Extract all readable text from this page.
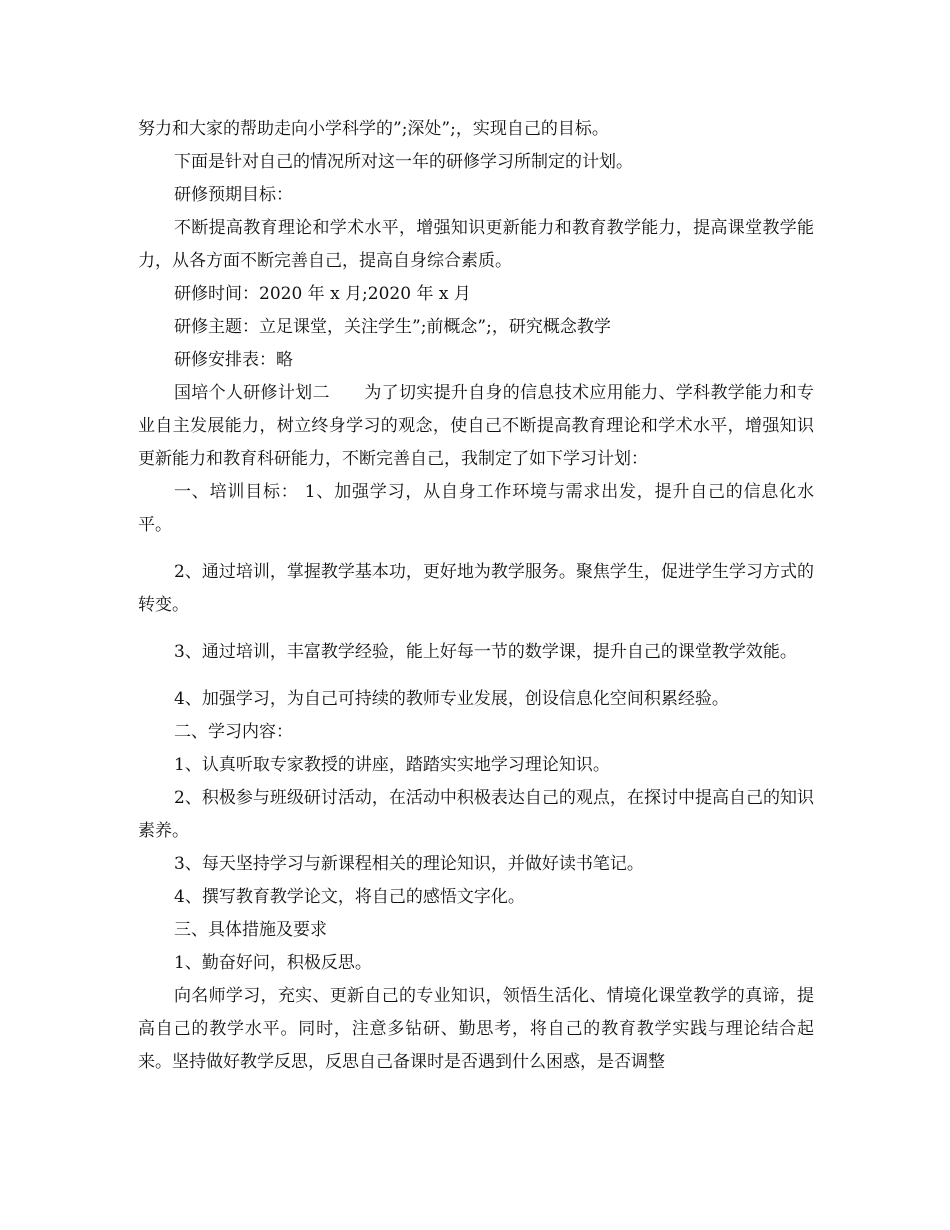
努力和大家的帮助走向小学科学的”;深处”;，实现自己的目标。

下面是针对自己的情况所对这一年的研修学习所制定的计划。

研修预期目标：

不断提高教育理论和学术水平，增强知识更新能力和教育教学能力，提高课堂教学能力，从各方面不断完善自己，提高自身综合素质。

研修时间：2020 年 x 月;2020 年 x 月

研修主题：立足课堂，关注学生”;前概念”;，研究概念教学

研修安排表：略

国培个人研修计划二　　为了切实提升自身的信息技术应用能力、学科教学能力和专业自主发展能力，树立终身学习的观念，使自己不断提高教育理论和学术水平，增强知识更新能力和教育科研能力，不断完善自己，我制定了如下学习计划：

一、培训目标： 1、加强学习，从自身工作环境与需求出发，提升自己的信息化水平。

2、通过培训，掌握教学基本功，更好地为教学服务。聚焦学生，促进学生学习方式的转变。

3、通过培训，丰富教学经验，能上好每一节的数学课，提升自己的课堂教学效能。

4、加强学习，为自己可持续的教师专业发展，创设信息化空间积累经验。

二、学习内容：

1、认真听取专家教授的讲座，踏踏实实地学习理论知识。

2、积极参与班级研讨活动，在活动中积极表达自己的观点，在探讨中提高自己的知识素养。

3、每天坚持学习与新课程相关的理论知识，并做好读书笔记。

4、撰写教育教学论文，将自己的感悟文字化。

三、具体措施及要求

1、勤奋好问，积极反思。

向名师学习，充实、更新自己的专业知识，领悟生活化、情境化课堂教学的真谛，提高自己的教学水平。同时，注意多钻研、勤思考，将自己的教育教学实践与理论结合起来。坚持做好教学反思，反思自己备课时是否遇到什么困惑，是否调整
